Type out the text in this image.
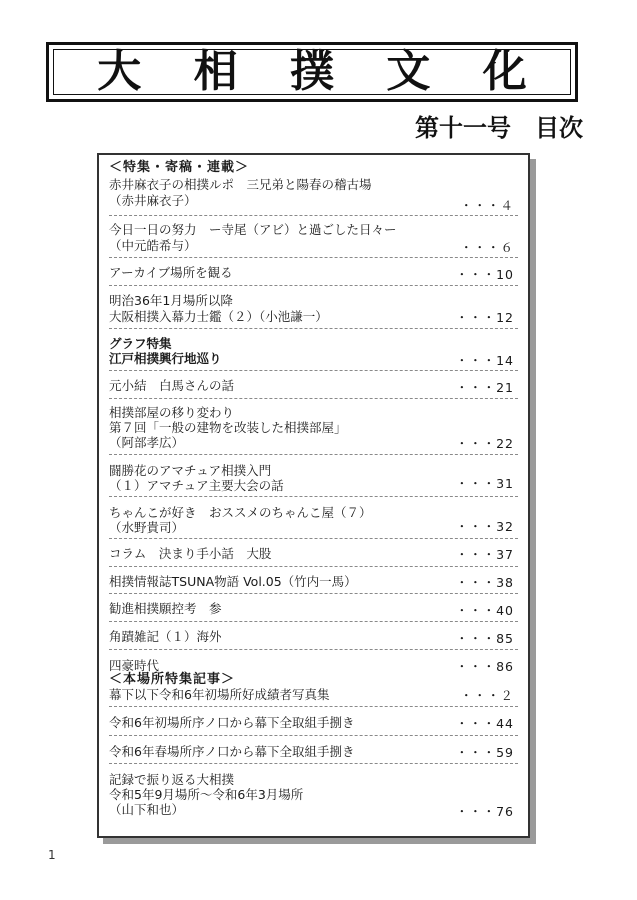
大 相 撲 文 化
第十一号　目次
＜特集・寄稿・連載＞
赤井麻衣子の相撲ルポ　三兄弟と陽春の稽古場
（赤井麻衣子）	・・・４
今日一日の努力　ー寺尾（アビ）と過ごした日々ー
（中元皓希与）	・・・６
アーカイブ場所を観る	・・・10
明治36年1月場所以降
大阪相撲入幕力士鑑（２）（小池謙一）	・・・12
グラフ特集
江戸相撲興行地巡り	・・・14
元小結　白馬さんの話	・・・21
相撲部屋の移り変わり
第７回「一般の建物を改装した相撲部屋」
（阿部孝広）	・・・22
闘勝花のアマチュア相撲入門
（１）アマチュア主要大会の話	・・・31
ちゃんこが好き　おススメのちゃんこ屋（７）
（水野貴司）	・・・32
コラム　決まり手小話　大股	・・・37
相撲情報誌TSUNA物語 Vol.05（竹内一馬）	・・・38
勧進相撲願控考　参	・・・40
角蹟雑記（１）海外	・・・85
四豪時代	・・・86
＜本場所特集記事＞
幕下以下令和6年初場所好成績者写真集	・・・２
令和6年初場所序ノ口から幕下全取組手捌き	・・・44
令和6年春場所序ノ口から幕下全取組手捌き	・・・59
記録で振り返る大相撲
令和5年9月場所～令和6年3月場所
（山下和也）	・・・76
1
